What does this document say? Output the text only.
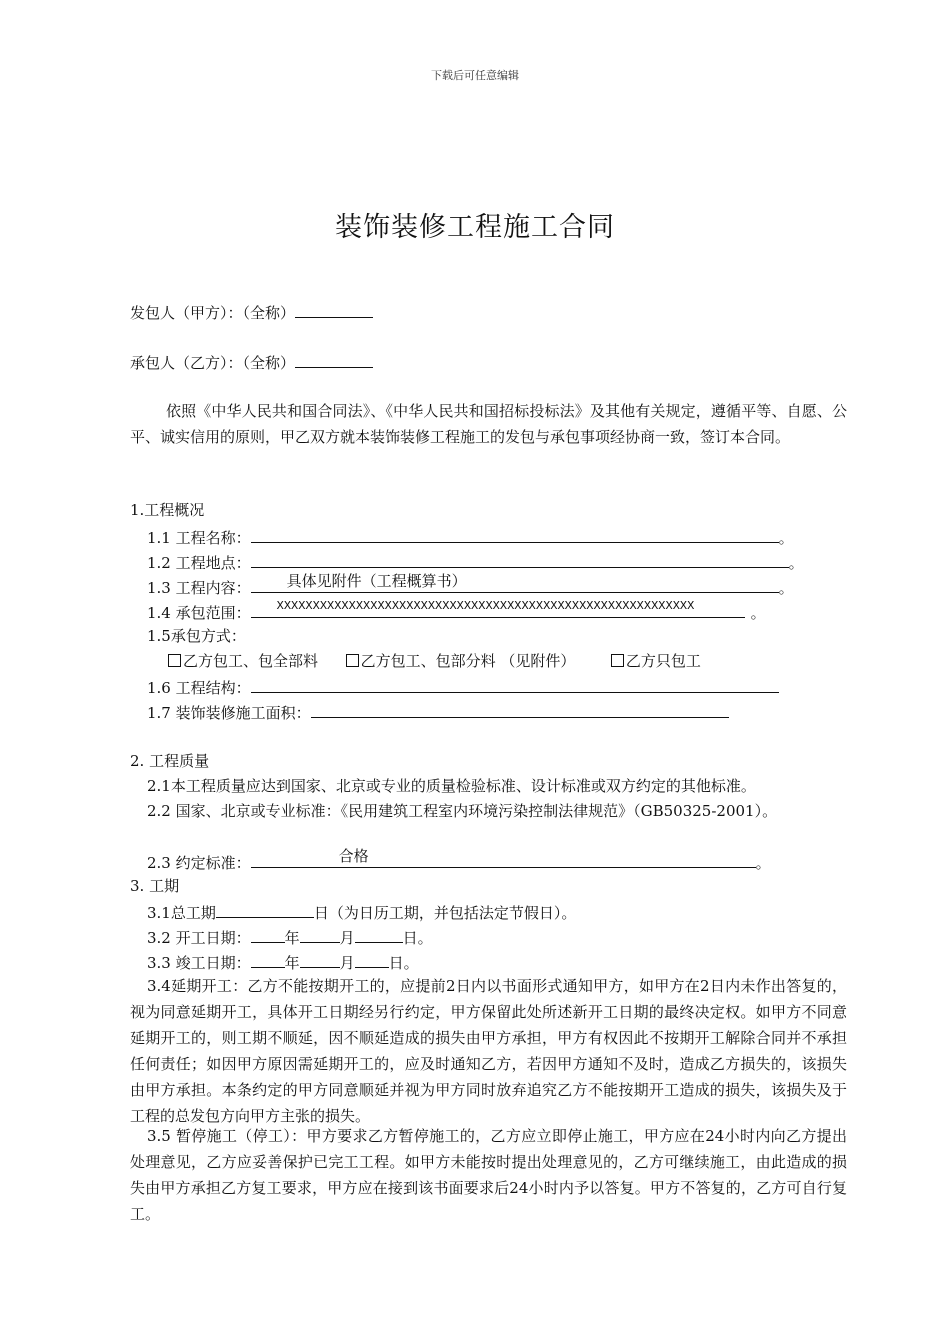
下载后可任意编辑
装饰装修工程施工合同
发包人（甲方）：（全称）
承包人（乙方）：（全称）
依照《中华人民共和国合同法》、《中华人民共和国招标投标法》及其他有关规定，遵循平等、自愿、公平、诚实信用的原则，甲乙双方就本装饰装修工程施工的发包与承包事项经协商一致，签订本合同。
1.工程概况
1.1 工程名称：	。
1.2 工程地点：	。
1.3 工程内容： 具体见附件（工程概算书）	。
1.4 承包范围： XXXXXXXXXXXXXXXXXXXXXXXXXXXXXXXXXXXXXXXXXXXXXXXXXXXXXXXXXX	。
1.5承包方式：
乙方包工、包全部料	乙方包工、包部分料 （见附件）	乙方只包工
1.6 工程结构：
1.7 装饰装修施工面积：
2. 工程质量
2.1本工程质量应达到国家、北京或专业的质量检验标准、设计标准或双方约定的其他标准。
2.2 国家、北京或专业标准：《民用建筑工程室内环境污染控制法律规范》（GB50325-2001）。
2.3 约定标准：	合格	。
3. 工期
3.1总工期	日（为日历工期，并包括法定节假日）。
3.2 开工日期： 年	月	日。
3.3 竣工日期： 年	月 日。
3.4延期开工：乙方不能按期开工的，应提前2日内以书面形式通知甲方，如甲方在2日内未作出答复的，视为同意延期开工，具体开工日期经另行约定，甲方保留此处所述新开工日期的最终决定权。如甲方不同意延期开工的，则工期不顺延，因不顺延造成的损失由甲方承担，甲方有权因此不按期开工解除合同并不承担任何责任；如因甲方原因需延期开工的，应及时通知乙方，若因甲方通知不及时，造成乙方损失的，该损失由甲方承担。本条约定的甲方同意顺延并视为甲方同时放弃追究乙方不能按期开工造成的损失，该损失及于工程的总发包方向甲方主张的损失。
3.5 暂停施工（停工）：甲方要求乙方暂停施工的，乙方应立即停止施工，甲方应在24小时内向乙方提出处理意见，乙方应妥善保护已完工工程。如甲方未能按时提出处理意见的，乙方可继续施工，由此造成的损失由甲方承担乙方复工要求，甲方应在接到该书面要求后24小时内予以答复。甲方不答复的，乙方可自行复工。
